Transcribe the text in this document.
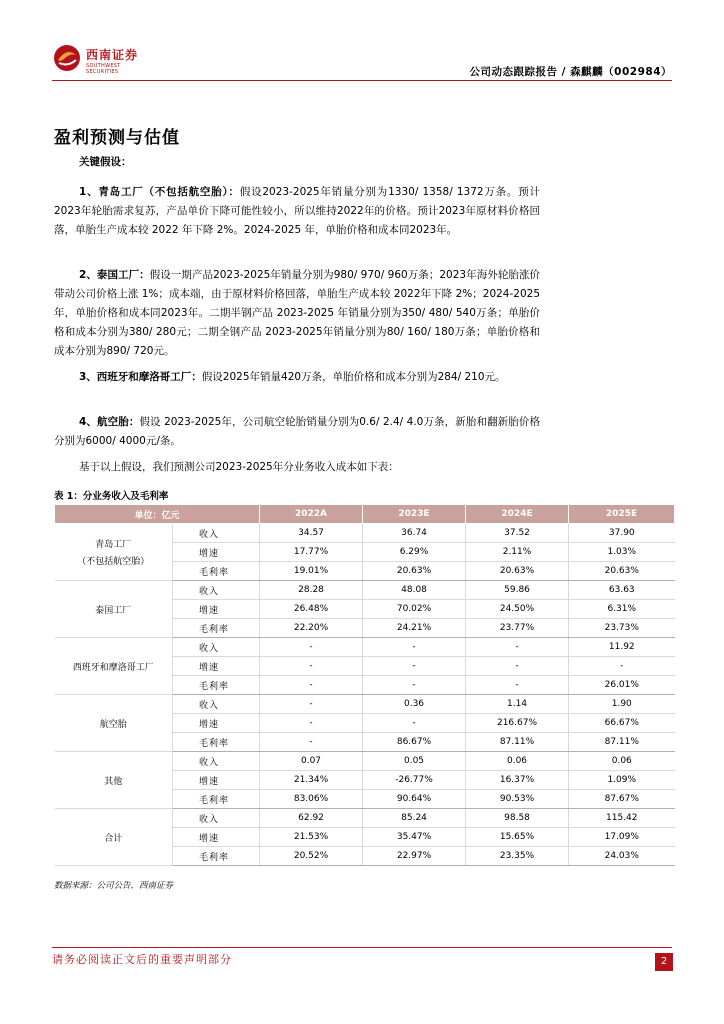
西南证券
SOUTHWEST SECURITIES	公司动态跟踪报告 / 森麒麟（002984）
盈利预测与估值
关键假设：
1、青岛工厂（不包括航空胎）：假设2023-2025年销量分别为1330/ 1358/ 1372万条。预计2023年轮胎需求复苏，产品单价下降可能性较小，所以维持2022年的价格。预计2023年原材料价格回落，单胎生产成本较 2022 年下降 2%。2024-2025 年，单胎价格和成本同2023年。
2、泰国工厂：假设一期产品2023-2025年销量分别为980/ 970/ 960万条；2023年海外轮胎涨价带动公司价格上涨 1%；成本端，由于原材料价格回落，单胎生产成本较 2022年下降 2%；2024-2025 年，单胎价格和成本同2023年。二期半钢产品 2023-2025 年销量分别为350/ 480/ 540万条；单胎价格和成本分别为380/ 280元；二期全钢产品 2023-2025年销量分别为80/ 160/ 180万条；单胎价格和成本分别为890/ 720元。
3、西班牙和摩洛哥工厂：假设2025年销量420万条，单胎价格和成本分别为284/ 210元。
4、航空胎：假设 2023-2025年，公司航空轮胎销量分别为0.6/ 2.4/ 4.0万条，新胎和翻新胎价格分别为6000/ 4000元/条。
基于以上假设，我们预测公司2023-2025年分业务收入成本如下表：
表 1：分业务收入及毛利率
单位：亿元		2022A	2023E	2024E	2025E

青岛工厂
（不包括航空胎）	收入	34.57	36.74	37.52	37.90
	增速	17.77%	6.29%	2.11%	1.03%
	毛利率	19.01%	20.63%	20.63%	20.63%

泰国工厂	收入	28.28	48.08	59.86	63.63
	增速	26.48%	70.02%	24.50%	6.31%
	毛利率	22.20%	24.21%	23.77%	23.73%

西班牙和摩洛哥工厂	收入	-	-	-	11.92
	增速	-	-	-	-
	毛利率	-	-	-	26.01%

航空胎	收入	-	0.36	1.14	1.90
	增速	-	-	216.67%	66.67%
	毛利率	-	86.67%	87.11%	87.11%

其他	收入	0.07	0.05	0.06	0.06
	增速	21.34%	-26.77%	16.37%	1.09%
	毛利率	83.06%	90.64%	90.53%	87.67%

合计	收入	62.92	85.24	98.58	115.42
	增速	21.53%	35.47%	15.65%	17.09%
	毛利率	20.52%	22.97%	23.35%	24.03%
数据来源：公司公告，西南证券
请务必阅读正文后的重要声明部分	2
